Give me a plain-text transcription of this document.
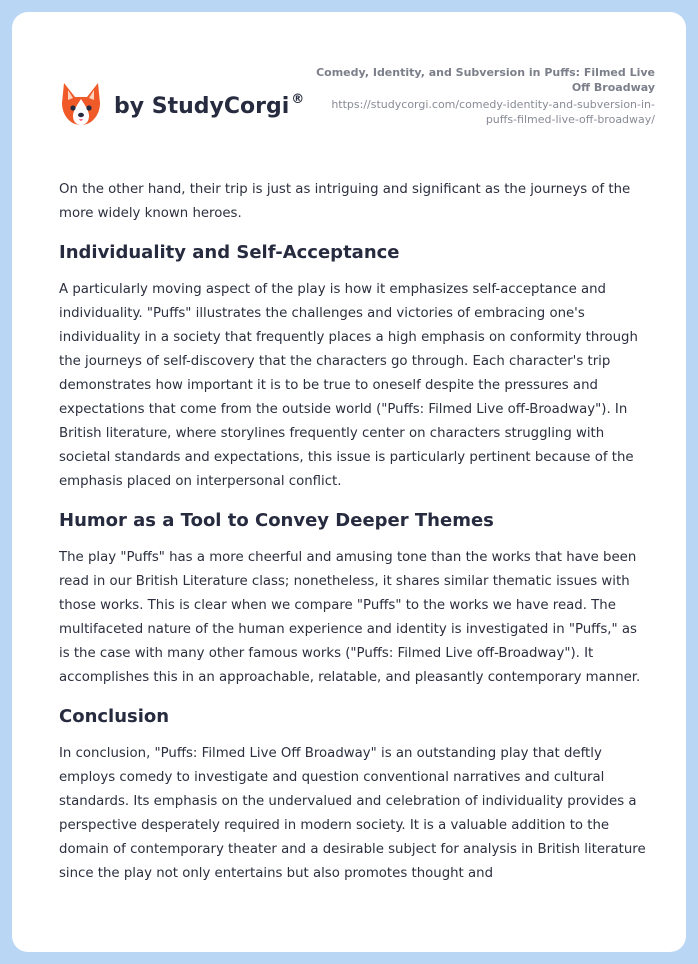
by StudyCorgi ®
Comedy, Identity, and Subversion in Puffs: Filmed Live Off Broadway
https://studycorgi.com/comedy-identity-and-subversion-in-puffs-filmed-live-off-broadway/

On the other hand, their trip is just as intriguing and significant as the journeys of the more widely known heroes.

Individuality and Self-Acceptance

A particularly moving aspect of the play is how it emphasizes self-acceptance and individuality. "Puffs" illustrates the challenges and victories of embracing one's individuality in a society that frequently places a high emphasis on conformity through the journeys of self-discovery that the characters go through. Each character's trip demonstrates how important it is to be true to oneself despite the pressures and expectations that come from the outside world ("Puffs: Filmed Live off-Broadway"). In British literature, where storylines frequently center on characters struggling with societal standards and expectations, this issue is particularly pertinent because of the emphasis placed on interpersonal conflict.

Humor as a Tool to Convey Deeper Themes

The play "Puffs" has a more cheerful and amusing tone than the works that have been read in our British Literature class; nonetheless, it shares similar thematic issues with those works. This is clear when we compare "Puffs" to the works we have read. The multifaceted nature of the human experience and identity is investigated in "Puffs," as is the case with many other famous works ("Puffs: Filmed Live off-Broadway"). It accomplishes this in an approachable, relatable, and pleasantly contemporary manner.

Conclusion

In conclusion, "Puffs: Filmed Live Off Broadway" is an outstanding play that deftly employs comedy to investigate and question conventional narratives and cultural standards. Its emphasis on the undervalued and celebration of individuality provides a perspective desperately required in modern society. It is a valuable addition to the domain of contemporary theater and a desirable subject for analysis in British literature since the play not only entertains but also promotes thought and
